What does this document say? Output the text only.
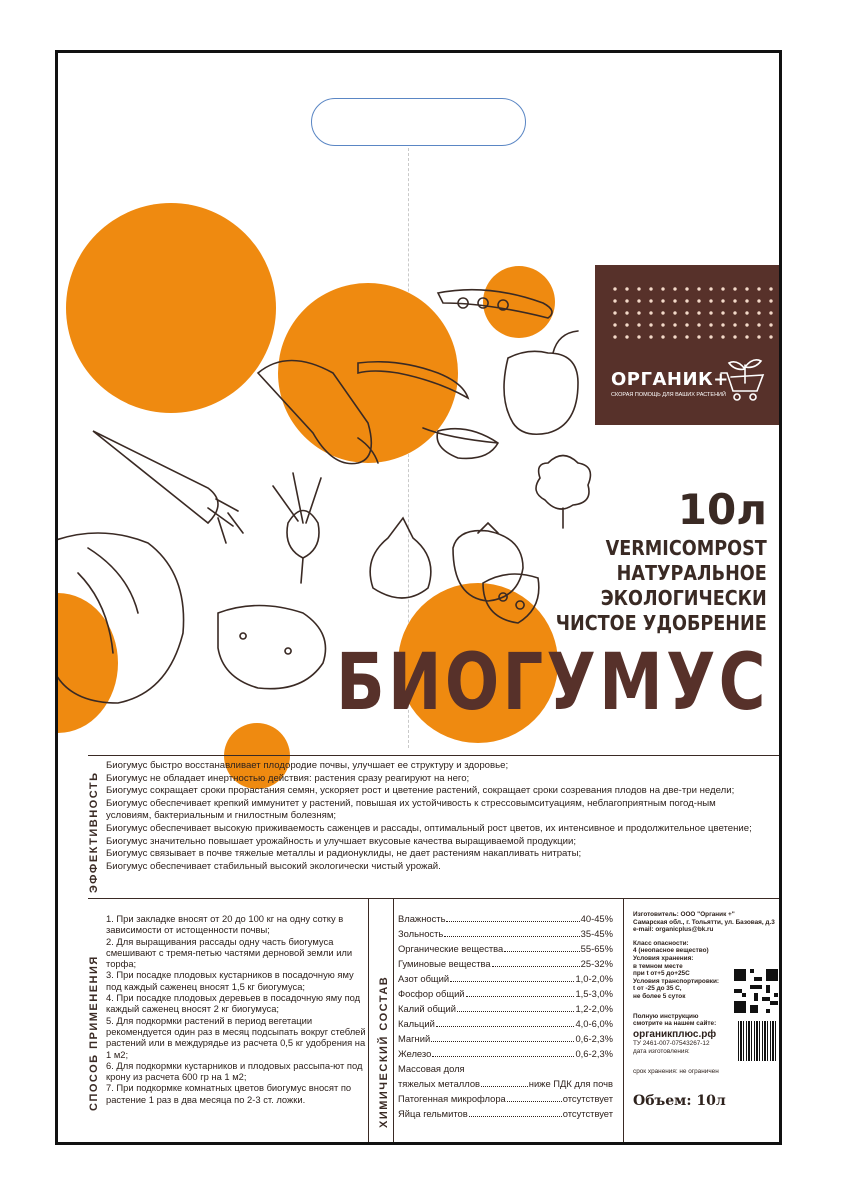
ОРГАНИК+
СКОРАЯ ПОМОЩЬ ДЛЯ ВАШИХ РАСТЕНИЙ
10л
VERMICOMPOST
НАТУРАЛЬНОЕ
ЭКОЛОГИЧЕСКИ
ЧИСТОЕ УДОБРЕНИЕ
БИОГУМУС
ЭФФЕКТИВНОСТЬ
Биогумус быстро восстанавливает плодородие почвы, улучшает ее структуру и здоровье;
Биогумус не обладает инертностью действия: растения сразу реагируют на него;
Биогумус сокращает сроки прорастания семян, ускоряет рост и цветение растений, сокращает сроки созревания плодов на две-три недели;
Биогумус обеспечивает крепкий иммунитет у растений, повышая их устойчивость к стрессовымситуациям, неблагоприятным погод-ным
условиям, бактериальным и гнилостным болезням;
Биогумус обеспечивает высокую приживаемость саженцев и рассады, оптимальный рост цветов, их интенсивное и продолжительное цветение;
Биогумус значительно повышает урожайность и улучшает вкусовые качества выращиваемой продукции;
Биогумус связывает в почве тяжелые металлы и радионуклиды, не дает растениям накапливать нитраты;
Биогумус обеспечивает стабильный высокий экологически чистый урожай.
СПОСОБ ПРИМЕНЕНИЯ
1. При закладке вносят от 20 до 100 кг на одну сотку в зависимости от истощенности почвы;
2. Для выращивания рассады одну часть биогумуса смешивают с тремя-петью частями дерновой земли или торфа;
3. При посадке плодовых кустарников в посадочную яму под каждый саженец вносят 1,5 кг биогумуса;
4. При посадке плодовых деревьев в посадочную яму под каждый саженец вносят 2 кг биогумуса;
5. Для подкормки растений в период вегетации рекомендуется один раз в месяц подсыпать вокруг стеблей растений или в междурядье из расчета 0,5 кг удобрения на 1 м2;
6. Для подкормки кустарников и плодовых рассыпа-ют под крону из расчета 600 гр на 1 м2;
7. При подкормке комнатных цветов биогумус вносят по растение 1 раз в два месяца по 2-3 ст. ложки.	ХИМИЧЕСКИЙ СОСТАВ
Влажность	40-45%
Зольность	35-45%
Органические вещества	55-65%
Гуминовые вещества	25-32%
Азот общий	1,0-2,0%
Фосфор общий	1,5-3,0%
Калий общий	1,2-2,0%
Кальций	4,0-6,0%
Магний	0,6-2,3%
Железо	0,6-2,3%
Массовая доля
тяжелых металлов	ниже ПДК для почв
Патогенная микрофлора	отсутствует
Яйца гельмитов	отсутствует
Изготовитель: ООО "Органик +"
Самарская обл., г. Тольятти, ул. Базовая, д.3
e-mail: organicplus@bk.ru
Класс опасности:
4 (неопасное вещество)
Условия хранения:
в темном месте
при t от+5 до+25С
Условия транспортировки:
t от -25 до 35 С,
не более 5 суток
Полную инструкцию смотрите на нашем сайте:
органикплюс.рф
ТУ 2461-007-07543267-12
дата изготовления:
срок хранения: не ограничен
Объем: 10л
